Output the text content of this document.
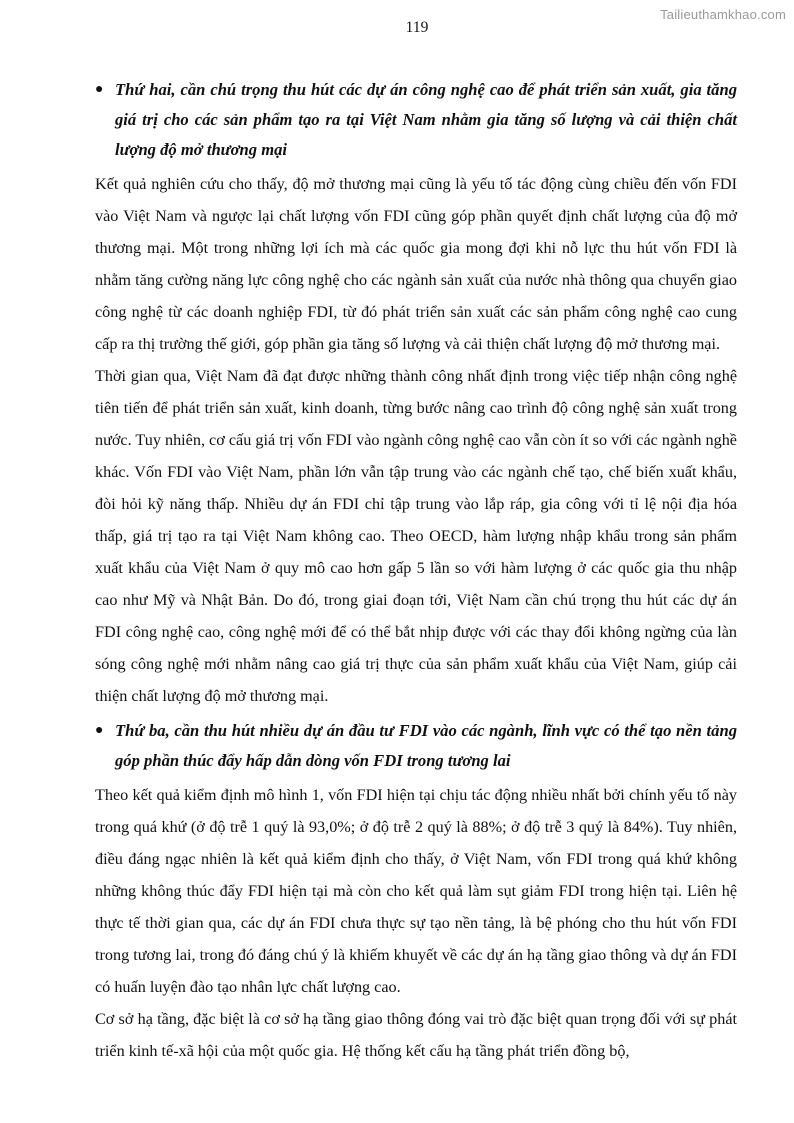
Tailieuthamkhao.com
119
● Thứ hai, cần chú trọng thu hút các dự án công nghệ cao để phát triển sản xuất, gia tăng giá trị cho các sản phẩm tạo ra tại Việt Nam nhằm gia tăng số lượng và cải thiện chất lượng độ mở thương mại

Kết quả nghiên cứu cho thấy, độ mở thương mại cũng là yếu tố tác động cùng chiều đến vốn FDI vào Việt Nam và ngược lại chất lượng vốn FDI cũng góp phần quyết định chất lượng của độ mở thương mại. Một trong những lợi ích mà các quốc gia mong đợi khi nỗ lực thu hút vốn FDI là nhằm tăng cường năng lực công nghệ cho các ngành sản xuất của nước nhà thông qua chuyển giao công nghệ từ các doanh nghiệp FDI, từ đó phát triển sản xuất các sản phẩm công nghệ cao cung cấp ra thị trường thế giới, góp phần gia tăng số lượng và cải thiện chất lượng độ mở thương mại.

Thời gian qua, Việt Nam đã đạt được những thành công nhất định trong việc tiếp nhận công nghệ tiên tiến để phát triển sản xuất, kinh doanh, từng bước nâng cao trình độ công nghệ sản xuất trong nước. Tuy nhiên, cơ cấu giá trị vốn FDI vào ngành công nghệ cao vẫn còn ít so với các ngành nghề khác. Vốn FDI vào Việt Nam, phần lớn vẫn tập trung vào các ngành chế tạo, chế biến xuất khẩu, đòi hỏi kỹ năng thấp. Nhiều dự án FDI chỉ tập trung vào lắp ráp, gia công với tỉ lệ nội địa hóa thấp, giá trị tạo ra tại Việt Nam không cao. Theo OECD, hàm lượng nhập khẩu trong sản phẩm xuất khẩu của Việt Nam ở quy mô cao hơn gấp 5 lần so với hàm lượng ở các quốc gia thu nhập cao như Mỹ và Nhật Bản. Do đó, trong giai đoạn tới, Việt Nam cần chú trọng thu hút các dự án FDI công nghệ cao, công nghệ mới để có thể bắt nhịp được với các thay đổi không ngừng của làn sóng công nghệ mới nhằm nâng cao giá trị thực của sản phẩm xuất khẩu của Việt Nam, giúp cải thiện chất lượng độ mở thương mại.

● Thứ ba, cần thu hút nhiều dự án đầu tư FDI vào các ngành, lĩnh vực có thể tạo nền tảng góp phần thúc đẩy hấp dẫn dòng vốn FDI trong tương lai

Theo kết quả kiểm định mô hình 1, vốn FDI hiện tại chịu tác động nhiều nhất bởi chính yếu tố này trong quá khứ (ở độ trễ 1 quý là 93,0%; ở độ trễ 2 quý là 88%; ở độ trễ 3 quý là 84%). Tuy nhiên, điều đáng ngạc nhiên là kết quả kiểm định cho thấy, ở Việt Nam, vốn FDI trong quá khứ không những không thúc đẩy FDI hiện tại mà còn cho kết quả làm sụt giảm FDI trong hiện tại. Liên hệ thực tế thời gian qua, các dự án FDI chưa thực sự tạo nền tảng, là bệ phóng cho thu hút vốn FDI trong tương lai, trong đó đáng chú ý là khiếm khuyết về các dự án hạ tầng giao thông và dự án FDI có huấn luyện đào tạo nhân lực chất lượng cao.

Cơ sở hạ tầng, đặc biệt là cơ sở hạ tầng giao thông đóng vai trò đặc biệt quan trọng đối với sự phát triển kinh tế-xã hội của một quốc gia. Hệ thống kết cấu hạ tầng phát triển đồng bộ,
